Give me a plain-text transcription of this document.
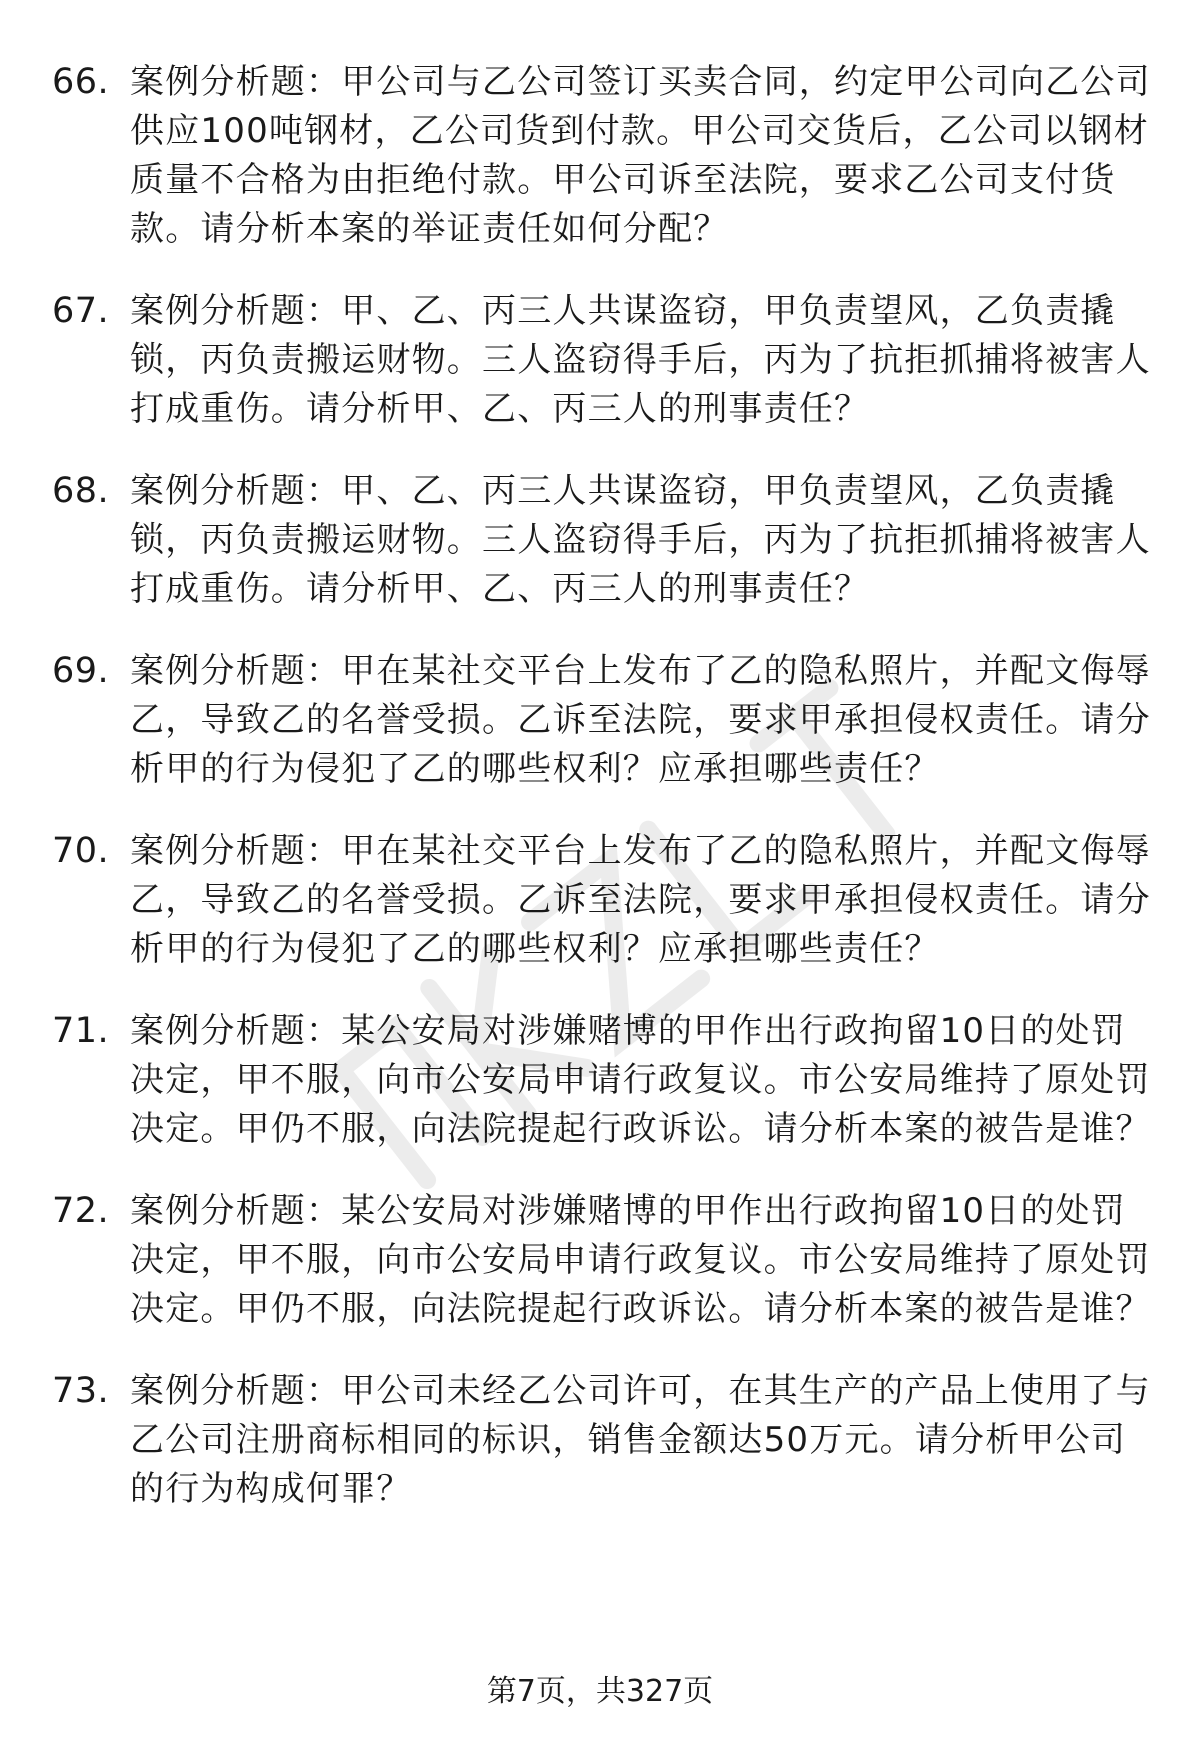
66. 案例分析题：甲公司与乙公司签订买卖合同，约定甲公司向乙公司供应100吨钢材，乙公司货到付款。甲公司交货后，乙公司以钢材质量不合格为由拒绝付款。甲公司诉至法院，要求乙公司支付货款。请分析本案的举证责任如何分配？
67. 案例分析题：甲、乙、丙三人共谋盗窃，甲负责望风，乙负责撬锁，丙负责搬运财物。三人盗窃得手后，丙为了抗拒抓捕将被害人打成重伤。请分析甲、乙、丙三人的刑事责任？
68. 案例分析题：甲、乙、丙三人共谋盗窃，甲负责望风，乙负责撬锁，丙负责搬运财物。三人盗窃得手后，丙为了抗拒抓捕将被害人打成重伤。请分析甲、乙、丙三人的刑事责任？
69. 案例分析题：甲在某社交平台上发布了乙的隐私照片，并配文侮辱乙，导致乙的名誉受损。乙诉至法院，要求甲承担侵权责任。请分析甲的行为侵犯了乙的哪些权利？应承担哪些责任？
70. 案例分析题：甲在某社交平台上发布了乙的隐私照片，并配文侮辱乙，导致乙的名誉受损。乙诉至法院，要求甲承担侵权责任。请分析甲的行为侵犯了乙的哪些权利？应承担哪些责任？
71. 案例分析题：某公安局对涉嫌赌博的甲作出行政拘留10日的处罚决定，甲不服，向市公安局申请行政复议。市公安局维持了原处罚决定。甲仍不服，向法院提起行政诉讼。请分析本案的被告是谁？
72. 案例分析题：某公安局对涉嫌赌博的甲作出行政拘留10日的处罚决定，甲不服，向市公安局申请行政复议。市公安局维持了原处罚决定。甲仍不服，向法院提起行政诉讼。请分析本案的被告是谁？
73. 案例分析题：甲公司未经乙公司许可，在其生产的产品上使用了与乙公司注册商标相同的标识，销售金额达50万元。请分析甲公司的行为构成何罪？
第7页，共327页
